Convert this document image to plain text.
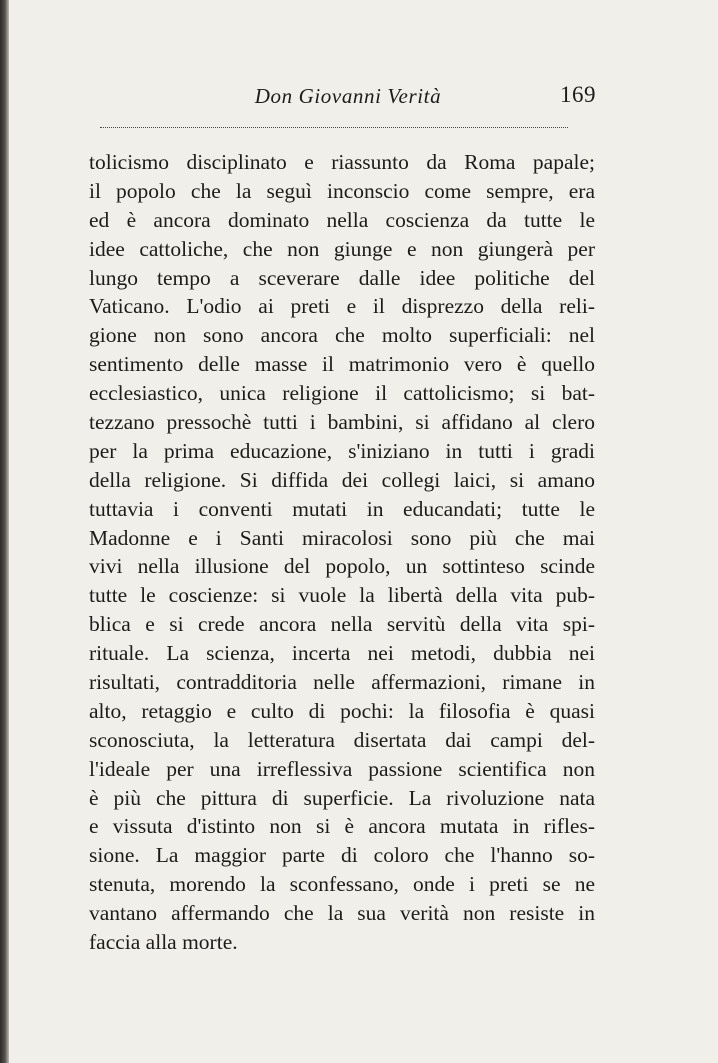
Don Giovanni Verità	169

tolicismo disciplinato e riassunto da Roma papale;
il popolo che la seguì inconscio come sempre, era
ed è ancora dominato nella coscienza da tutte le
idee cattoliche, che non giunge e non giungerà per
lungo tempo a sceverare dalle idee politiche del
Vaticano. L'odio ai preti e il disprezzo della reli-
gione non sono ancora che molto superficiali: nel
sentimento delle masse il matrimonio vero è quello
ecclesiastico, unica religione il cattolicismo; si bat-
tezzano pressochè tutti i bambini, si affidano al clero
per la prima educazione, s'iniziano in tutti i gradi
della religione. Si diffida dei collegi laici, si amano
tuttavia i conventi mutati in educandati; tutte le
Madonne e i Santi miracolosi sono più che mai
vivi nella illusione del popolo, un sottinteso scinde
tutte le coscienze: si vuole la libertà della vita pub-
blica e si crede ancora nella servitù della vita spi-
rituale. La scienza, incerta nei metodi, dubbia nei
risultati, contradditoria nelle affermazioni, rimane in
alto, retaggio e culto di pochi: la filosofia è quasi
sconosciuta, la letteratura disertata dai campi del-
l'ideale per una irreflessiva passione scientifica non
è più che pittura di superficie. La rivoluzione nata
e vissuta d'istinto non si è ancora mutata in rifles-
sione. La maggior parte di coloro che l'hanno so-
stenuta, morendo la sconfessano, onde i preti se ne
vantano affermando che la sua verità non resiste in
faccia alla morte.
